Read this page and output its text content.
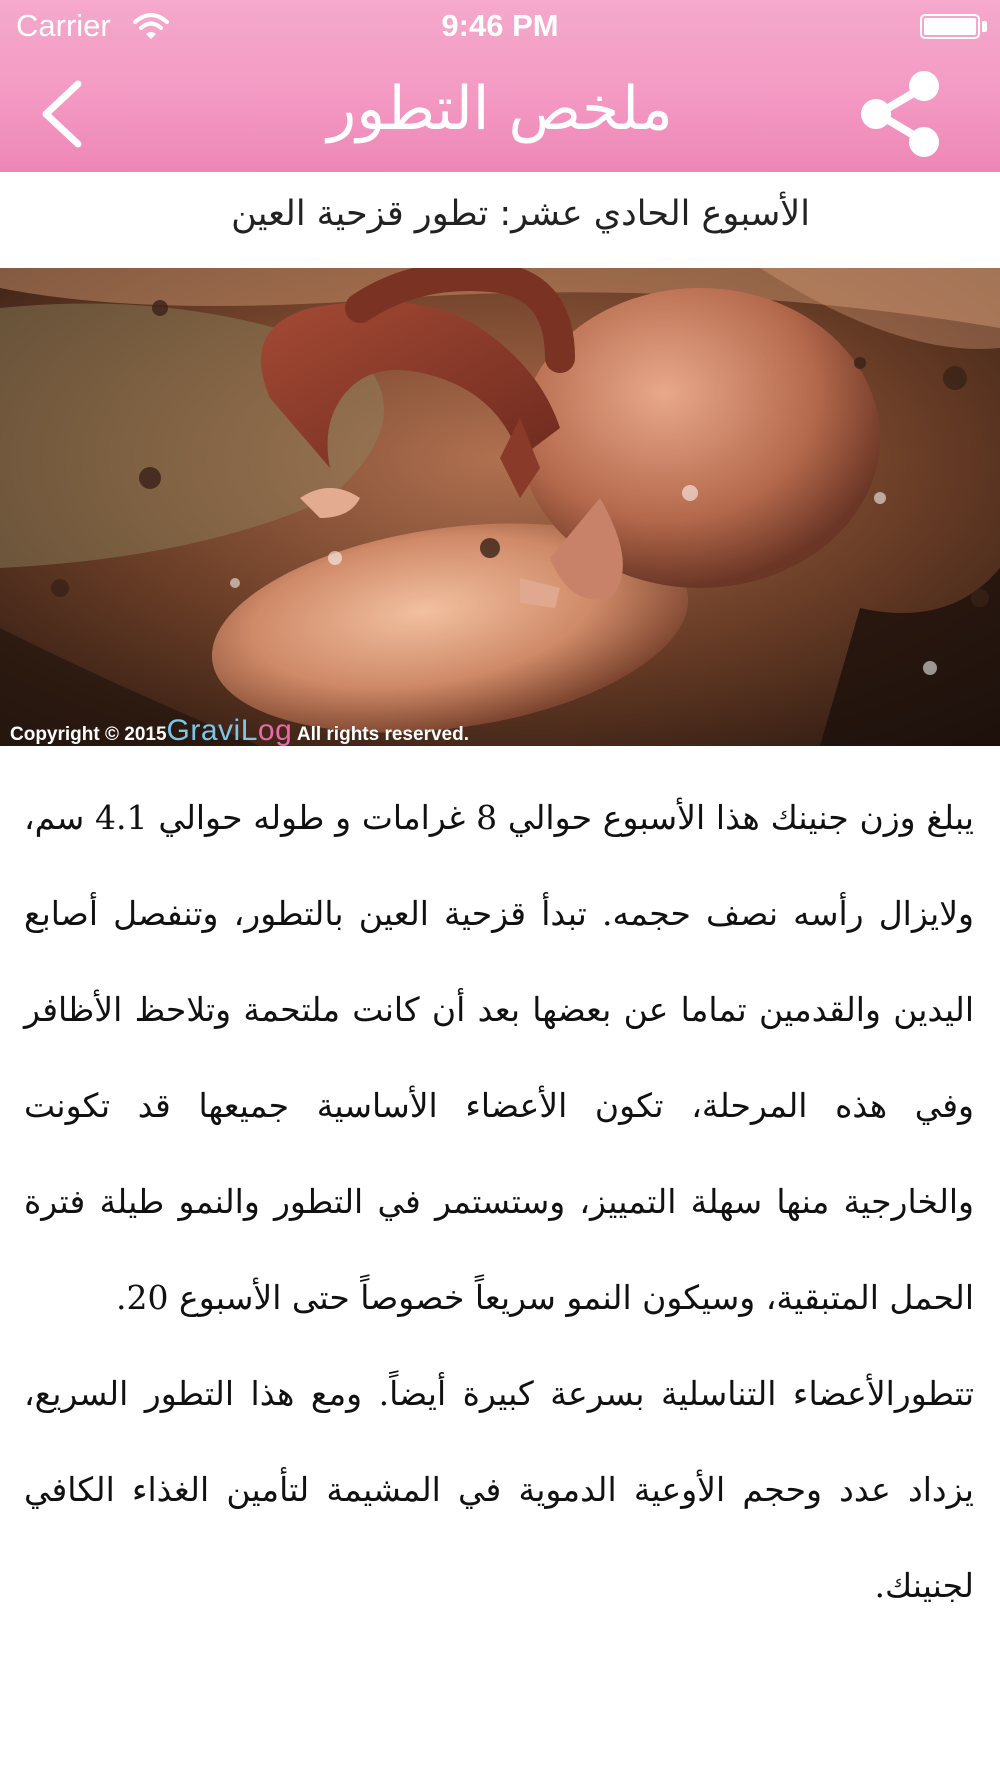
Carrier	9:46 PM
ملخص التطور
الأسبوع الحادي عشر: تطور قزحية العين
Copyright © 2015GraviLog All rights reserved.

يبلغ وزن جنينك هذا الأسبوع حوالي 8 غرامات و طوله حوالي 4.1 سم، ولايزال رأسه نصف حجمه. تبدأ قزحية العين بالتطور، وتنفصل أصابع اليدين والقدمين تماما عن بعضها بعد أن كانت ملتحمة وتلاحظ الأظافر وفي هذه المرحلة، تكون الأعضاء الأساسية جميعها قد تكونت والخارجية منها سهلة التمييز، وستستمر في التطور والنمو طيلة فترة الحمل المتبقية، وسيكون النمو سريعاً خصوصاً حتى الأسبوع 20.

تتطورالأعضاء التناسلية بسرعة كبيرة أيضاً. ومع هذا التطور السريع، يزداد عدد وحجم الأوعية الدموية في المشيمة لتأمين الغذاء الكافي لجنينك.
